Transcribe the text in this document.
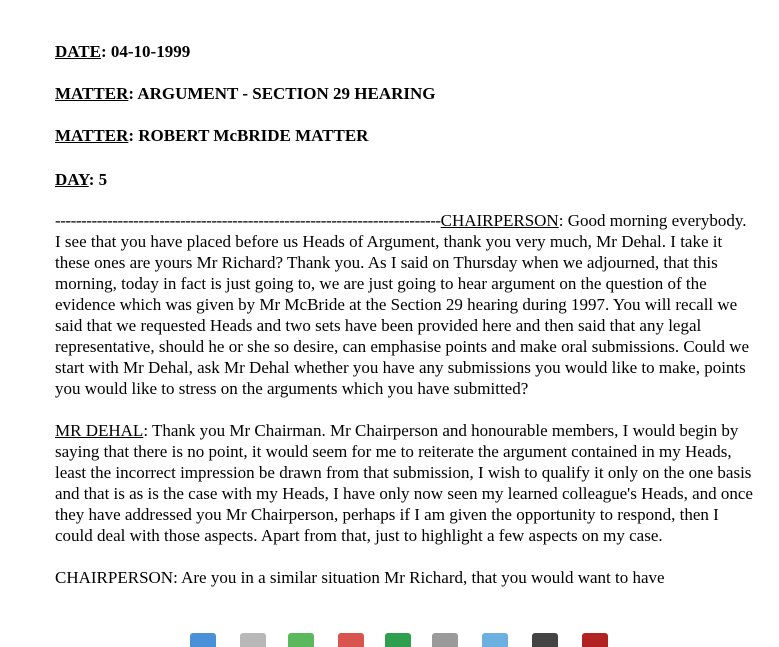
DATE: 04-10-1999
MATTER: ARGUMENT - SECTION 29 HEARING
MATTER: ROBERT McBRIDE MATTER
DAY: 5

--------------------------------------------------------------------------CHAIRPERSON: Good morning everybody. I see that you have placed before us Heads of Argument, thank you very much, Mr Dehal. I take it these ones are yours Mr Richard? Thank you. As I said on Thursday when we adjourned, that this morning, today in fact is just going to, we are just going to hear argument on the question of the evidence which was given by Mr McBride at the Section 29 hearing during 1997. You will recall we said that we requested Heads and two sets have been provided here and then said that any legal representative, should he or she so desire, can emphasise points and make oral submissions. Could we start with Mr Dehal, ask Mr Dehal whether you have any submissions you would like to make, points you would like to stress on the arguments which you have submitted?

MR DEHAL: Thank you Mr Chairman. Mr Chairperson and honourable members, I would begin by saying that there is no point, it would seem for me to reiterate the argument contained in my Heads, least the incorrect impression be drawn from that submission, I wish to qualify it only on the one basis and that is as is the case with my Heads, I have only now seen my learned colleague's Heads, and once they have addressed you Mr Chairperson, perhaps if I am given the opportunity to respond, then I could deal with those aspects. Apart from that, just to highlight a few aspects on my case.

CHAIRPERSON: Are you in a similar situation Mr Richard, that you would want to have
